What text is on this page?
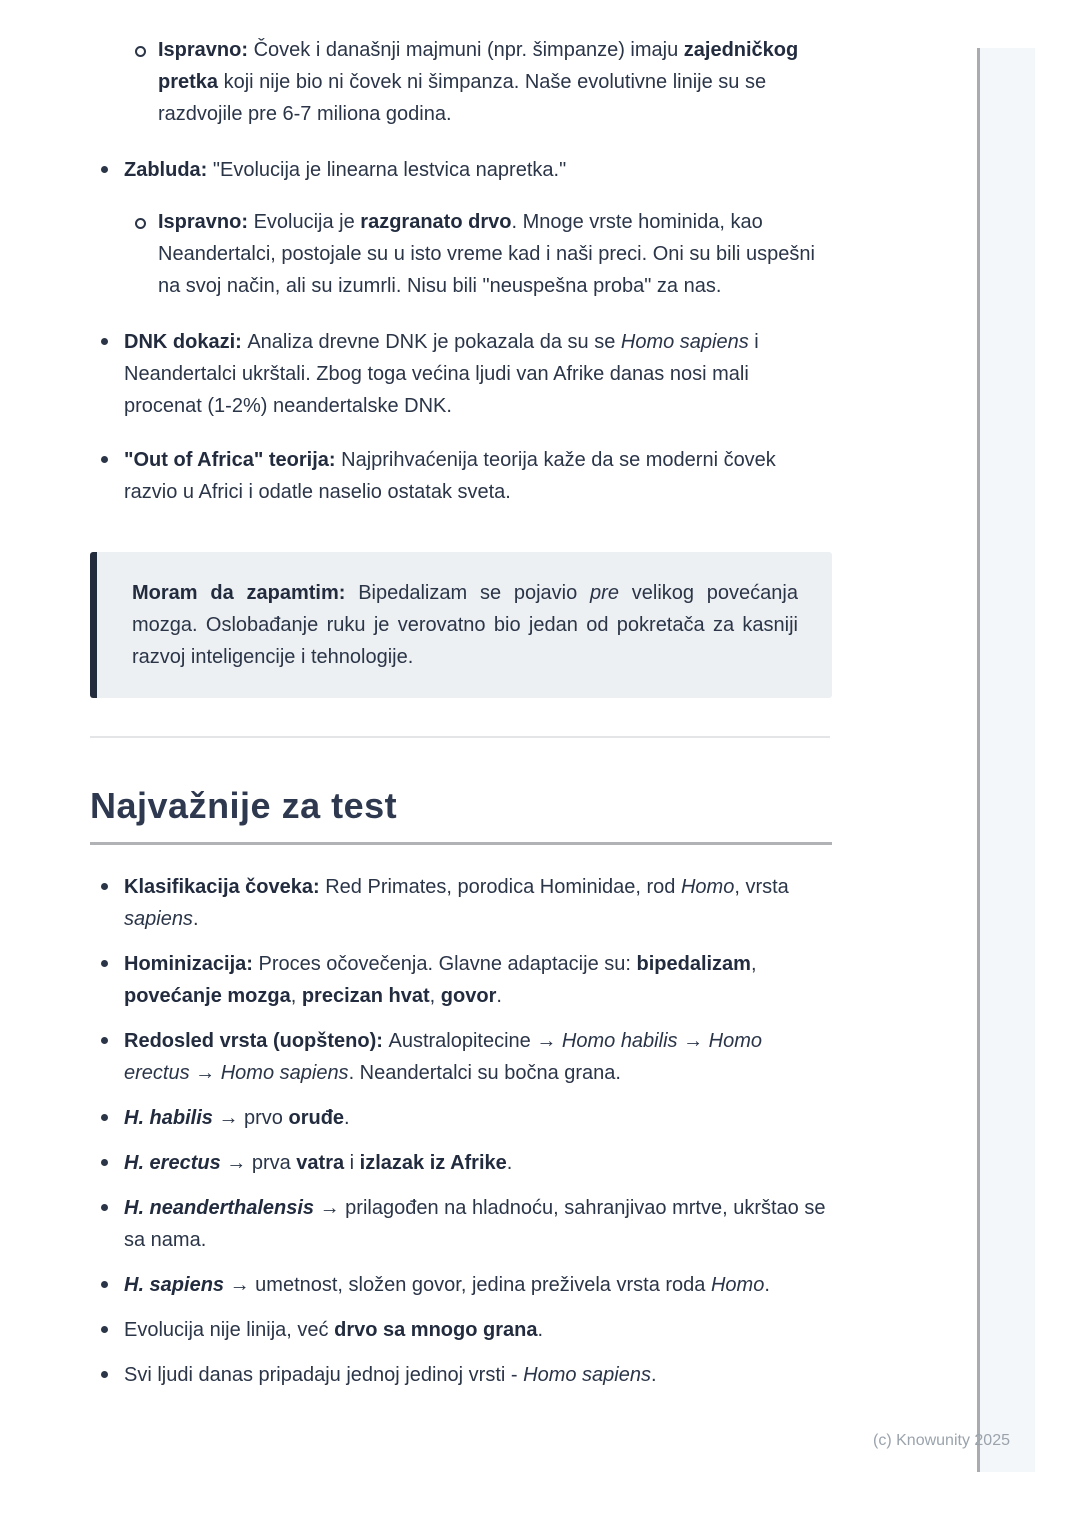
Ispravno: Čovek i današnji majmuni (npr. šimpanze) imaju zajedničkog pretka koji nije bio ni čovek ni šimpanza. Naše evolutivne linije su se razdvojile pre 6-7 miliona godina.
Zabluda: "Evolucija je linearna lestvica napretka."
Ispravno: Evolucija je razgranato drvo. Mnoge vrste hominida, kao Neandertalci, postojale su u isto vreme kad i naši preci. Oni su bili uspešni na svoj način, ali su izumrli. Nisu bili "neuspešna proba" za nas.
DNK dokazi: Analiza drevne DNK je pokazala da su se Homo sapiens i Neandertalci ukrštali. Zbog toga većina ljudi van Afrike danas nosi mali procenat (1-2%) neandertalske DNK.
"Out of Africa" teorija: Najprihvaćenija teorija kaže da se moderni čovek razvio u Africi i odatle naselio ostatak sveta.
Moram da zapamtim: Bipedalizam se pojavio pre velikog povećanja mozga. Oslobađanje ruku je verovatno bio jedan od pokretača za kasniji razvoj inteligencije i tehnologije.
Najvažnije za test
Klasifikacija čoveka: Red Primates, porodica Hominidae, rod Homo, vrsta sapiens.
Hominizacija: Proces očovečenja. Glavne adaptacije su: bipedalizam, povećanje mozga, precizan hvat, govor.
Redosled vrsta (uopšteno): Australopitecine → Homo habilis → Homo erectus → Homo sapiens. Neandertalci su bočna grana.
H. habilis → prvo oruđe.
H. erectus → prva vatra i izlazak iz Afrike.
H. neanderthalensis → prilagođen na hladnoću, sahranjivao mrtve, ukrštao se sa nama.
H. sapiens → umetnost, složen govor, jedina preživela vrsta roda Homo.
Evolucija nije linija, već drvo sa mnogo grana.
Svi ljudi danas pripadaju jednoj jedinoj vrsti - Homo sapiens.
(c) Knowunity 2025
